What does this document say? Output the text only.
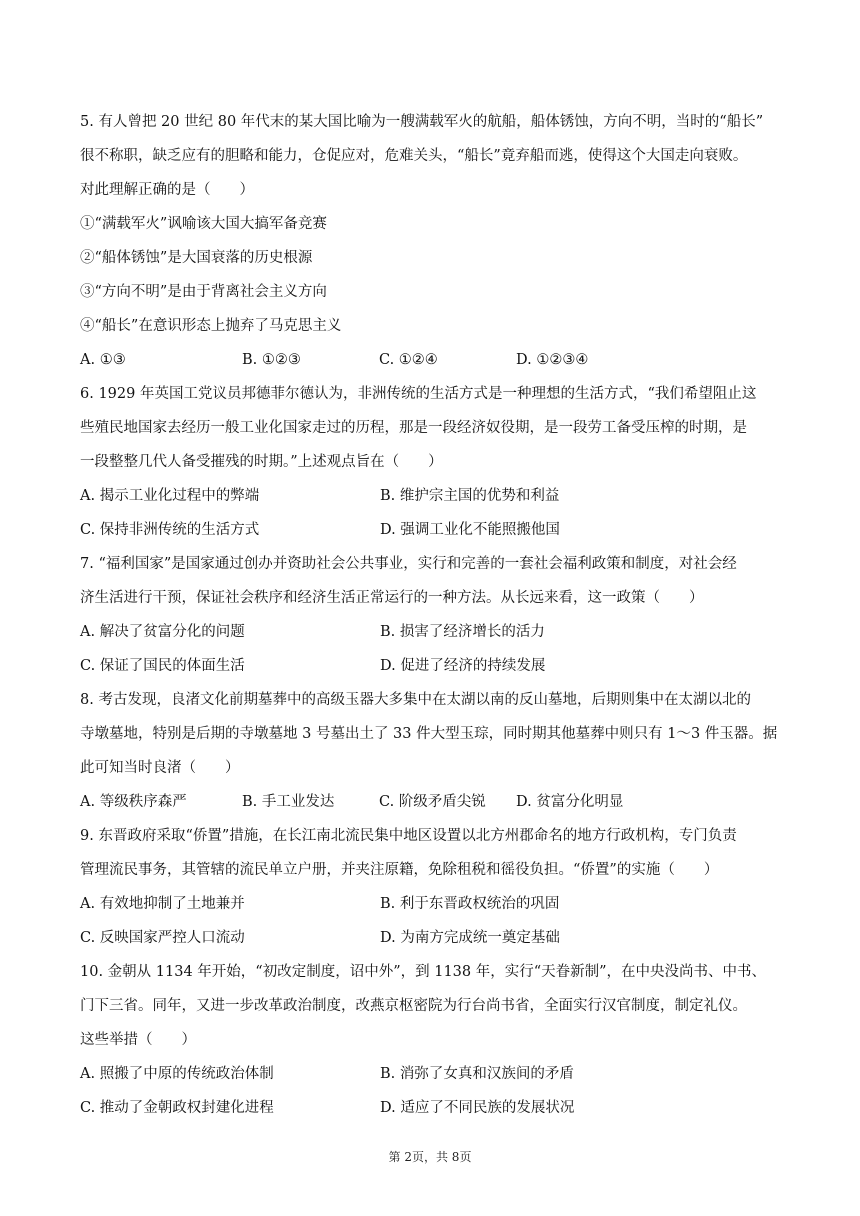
5. 有人曾把 20 世纪 80 年代末的某大国比喻为一艘满载军火的航船，船体锈蚀，方向不明，当时的“船长”
很不称职，缺乏应有的胆略和能力，仓促应对，危难关头，“船长”竟弃船而逃，使得这个大国走向衰败。
对此理解正确的是（　　）
①“满载军火”讽喻该大国大搞军备竞赛
②“船体锈蚀”是大国衰落的历史根源
③“方向不明”是由于背离社会主义方向
④“船长”在意识形态上抛弃了马克思主义
A. ①③	B. ①②③	C. ①②④	D. ①②③④
6. 1929 年英国工党议员邦德菲尔德认为，非洲传统的生活方式是一种理想的生活方式，“我们希望阻止这
些殖民地国家去经历一般工业化国家走过的历程，那是一段经济奴役期，是一段劳工备受压榨的时期，是
一段整整几代人备受摧残的时期。”上述观点旨在（　　）
A. 揭示工业化过程中的弊端	B. 维护宗主国的优势和利益
C. 保持非洲传统的生活方式	D. 强调工业化不能照搬他国
7. “福利国家”是国家通过创办并资助社会公共事业，实行和完善的一套社会福利政策和制度，对社会经
济生活进行干预，保证社会秩序和经济生活正常运行的一种方法。从长远来看，这一政策（　　）
A. 解决了贫富分化的问题	B. 损害了经济增长的活力
C. 保证了国民的体面生活	D. 促进了经济的持续发展
8. 考古发现，良渚文化前期墓葬中的高级玉器大多集中在太湖以南的反山墓地，后期则集中在太湖以北的
寺墩墓地，特别是后期的寺墩墓地 3 号墓出土了 33 件大型玉琮，同时期其他墓葬中则只有 1～3 件玉器。据
此可知当时良渚（　　）
A. 等级秩序森严	B. 手工业发达	C. 阶级矛盾尖锐	D. 贫富分化明显
9. 东晋政府采取“侨置”措施，在长江南北流民集中地区设置以北方州郡命名的地方行政机构，专门负责
管理流民事务，其管辖的流民单立户册，并夹注原籍，免除租税和徭役负担。“侨置”的实施（　　）
A. 有效地抑制了土地兼并	B. 利于东晋政权统治的巩固
C. 反映国家严控人口流动	D. 为南方完成统一奠定基础
10. 金朝从 1134 年开始，“初改定制度，诏中外”，到 1138 年，实行“天眷新制”，在中央没尚书、中书、
门下三省。同年，又进一步改革政治制度，改燕京枢密院为行台尚书省，全面实行汉官制度，制定礼仪。
这些举措（　　）
A. 照搬了中原的传统政治体制	B. 消弥了女真和汉族间的矛盾
C. 推动了金朝政权封建化进程	D. 适应了不同民族的发展状况
第 2页，共 8页
